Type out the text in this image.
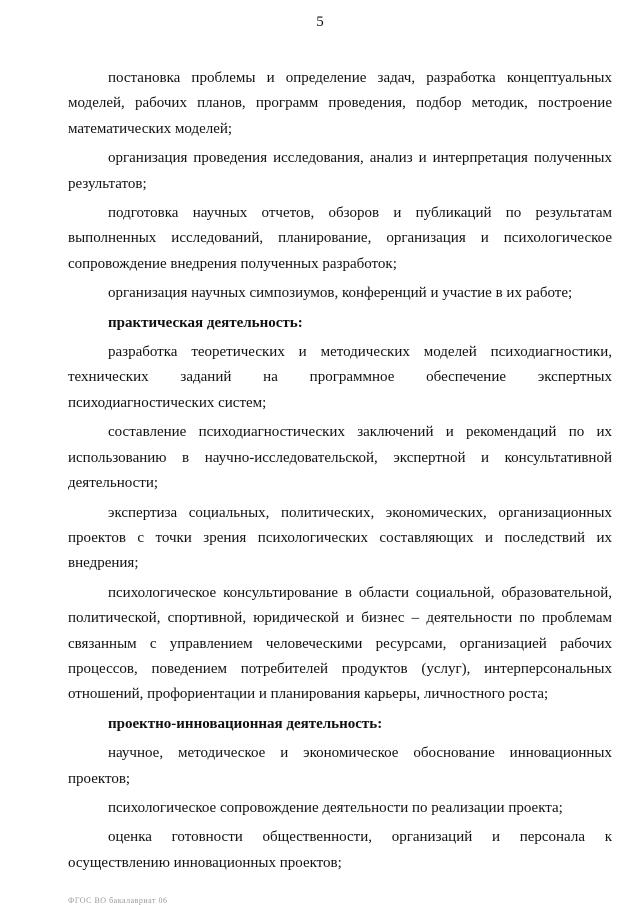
5

постановка проблемы и определение задач, разработка концептуальных моделей, рабочих планов, программ проведения, подбор методик, построение математических моделей;

организация проведения исследования, анализ и интерпретация полученных результатов;

подготовка научных отчетов, обзоров и публикаций по результатам выполненных исследований, планирование, организация и психологическое сопровождение внедрения полученных разработок;

организация научных симпозиумов, конференций и участие в их работе;

практическая деятельность:

разработка теоретических и методических моделей психодиагностики, технических заданий на программное обеспечение экспертных психодиагностических систем;

составление психодиагностических заключений и рекомендаций по их использованию в научно-исследовательской, экспертной и консультативной деятельности;

экспертиза социальных, политических, экономических, организационных проектов с точки зрения психологических составляющих и последствий их внедрения;

психологическое консультирование в области социальной, образовательной, политической, спортивной, юридической и бизнес – деятельности по проблемам связанным с управлением человеческими ресурсами, организацией рабочих процессов, поведением потребителей продуктов (услуг), интерперсональных отношений, профориентации и планирования карьеры, личностного роста;

проектно-инновационная деятельность:

научное, методическое и экономическое обоснование инновационных проектов;

психологическое сопровождение деятельности по реализации проекта;

оценка готовности общественности, организаций и персонала к осуществлению инновационных проектов;

ФГОС ВО бакалавриат 06
